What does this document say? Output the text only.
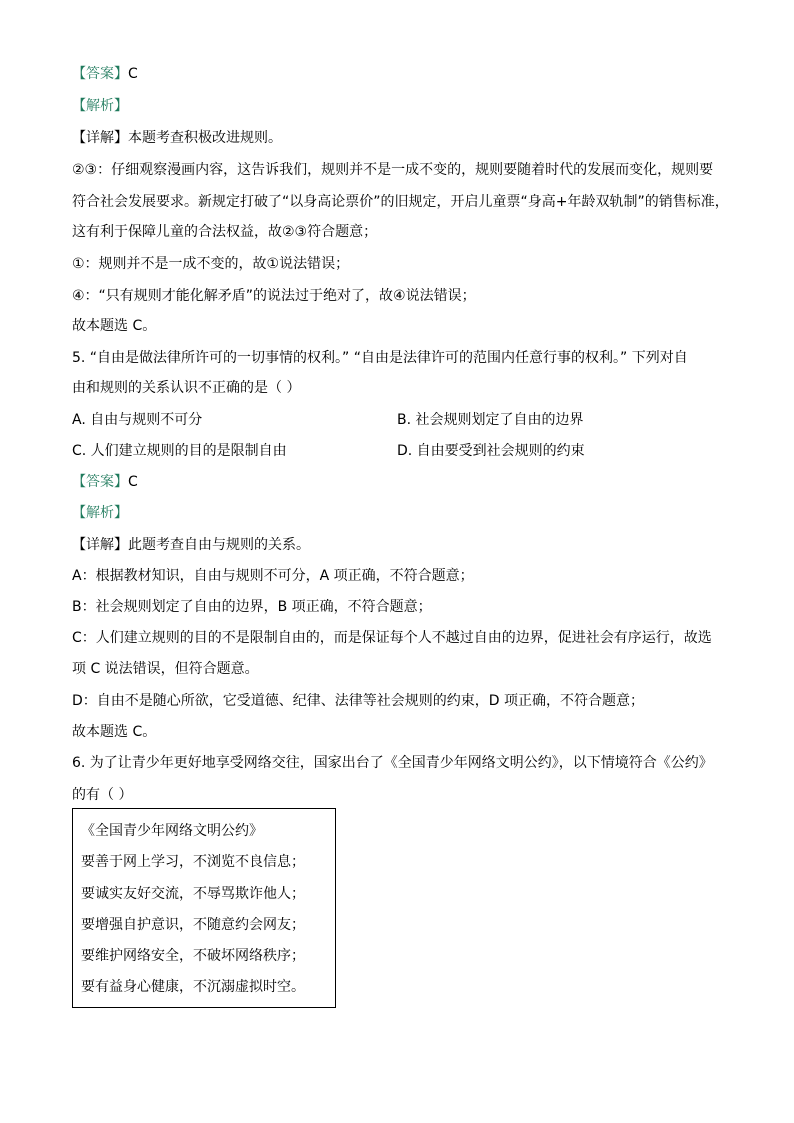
【答案】C
【解析】
【详解】本题考查积极改进规则。
②③：仔细观察漫画内容，这告诉我们，规则并不是一成不变的，规则要随着时代的发展而变化，规则要
符合社会发展要求。新规定打破了“以身高论票价”的旧规定，开启儿童票“身高+年龄双轨制”的销售标准，
这有利于保障儿童的合法权益，故②③符合题意；
①：规则并不是一成不变的，故①说法错误；
④：“只有规则才能化解矛盾”的说法过于绝对了，故④说法错误；
故本题选 C。
5. “自由是做法律所许可的一切事情的权利。” “自由是法律许可的范围内任意行事的权利。” 下列对自
由和规则的关系认识不正确的是（ ）
A. 自由与规则不可分	B. 社会规则划定了自由的边界
C. 人们建立规则的目的是限制自由	D. 自由要受到社会规则的约束
【答案】C
【解析】
【详解】此题考查自由与规则的关系。
A：根据教材知识，自由与规则不可分，A 项正确，不符合题意；
B：社会规则划定了自由的边界，B 项正确，不符合题意；
C：人们建立规则的目的不是限制自由的，而是保证每个人不越过自由的边界，促进社会有序运行，故选
项 C 说法错误，但符合题意。
D：自由不是随心所欲，它受道德、纪律、法律等社会规则的约束，D 项正确，不符合题意；
故本题选 C。
6. 为了让青少年更好地享受网络交往，国家出台了《全国青少年网络文明公约》，以下情境符合《公约》
的有（ ）
《全国青少年网络文明公约》
要善于网上学习，不浏览不良信息；
要诚实友好交流，不辱骂欺诈他人；
要增强自护意识，不随意约会网友；
要维护网络安全，不破坏网络秩序；
要有益身心健康，不沉溺虚拟时空。
